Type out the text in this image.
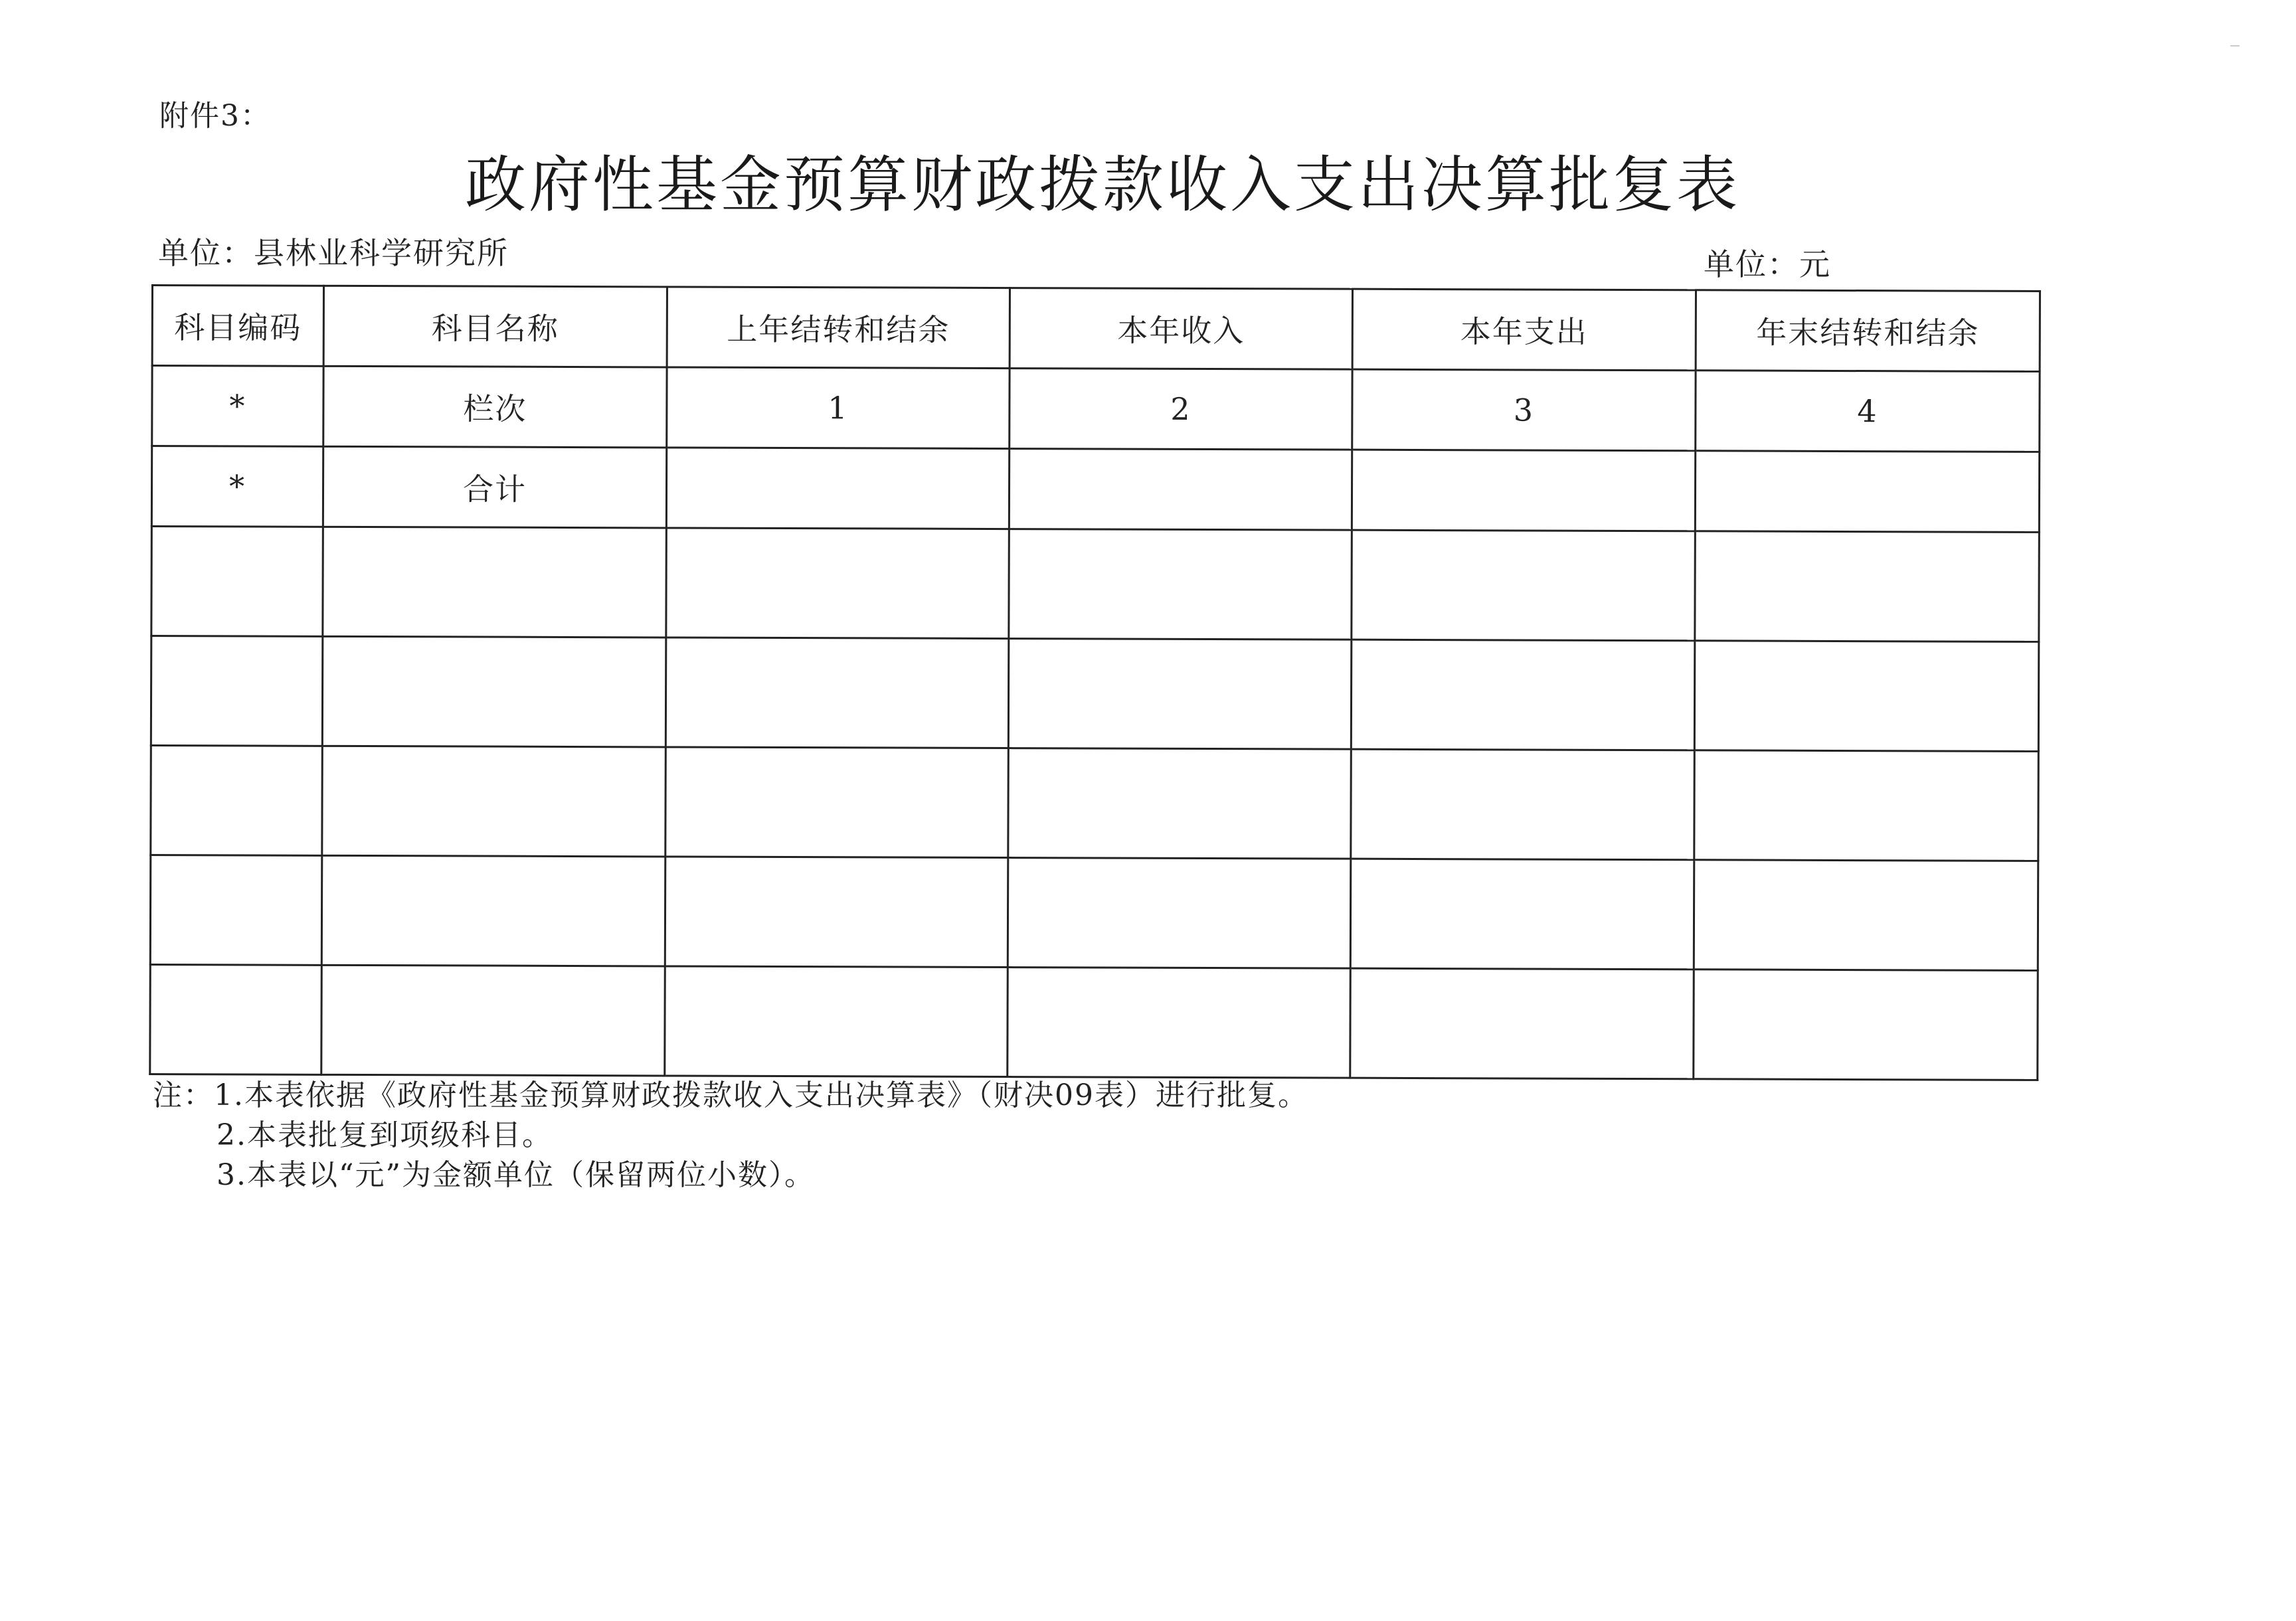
附件3：
政府性基金预算财政拨款收入支出决算批复表
单位：县林业科学研究所	单位：元
科目编码	科目名称	上年结转和结余	本年收入	本年支出	年末结转和结余
*	栏次	1	2	3	4
*	合计				

注：1.本表依据《政府性基金预算财政拨款收入支出决算表》（财决09表）进行批复。
2.本表批复到项级科目。
3.本表以“元”为金额单位（保留两位小数）。
